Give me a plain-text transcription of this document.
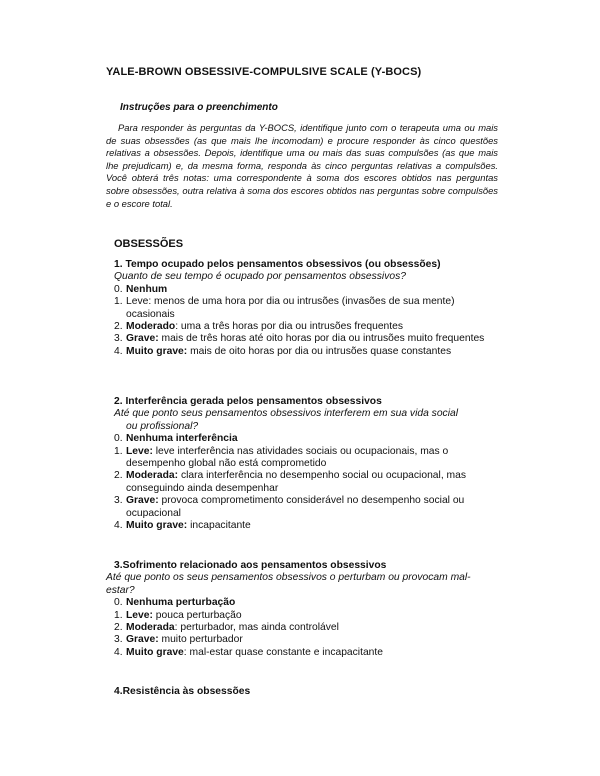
YALE-BROWN OBSESSIVE-COMPULSIVE SCALE (Y-BOCS)
Instruções para o preenchimento
Para responder às perguntas da Y-BOCS, identifique junto com o terapeuta uma ou mais de suas obsessões (as que mais lhe incomodam) e procure responder às cinco questões relativas a obsessões. Depois, identifique uma ou mais das suas compulsões (as que mais lhe prejudicam) e, da mesma forma, responda às cinco perguntas relativas a compulsões. Você obterá três notas: uma correspondente à soma dos escores obtidos nas perguntas sobre obsessões, outra relativa à soma dos escores obtidos nas perguntas sobre compulsões e o escore total.
OBSESSÕES
1. Tempo ocupado pelos pensamentos obsessivos (ou obsessões)
Quanto de seu tempo é ocupado por pensamentos obsessivos?
0. Nenhum
1. Leve: menos de uma hora por dia ou intrusões (invasões de sua mente) ocasionais
2. Moderado: uma a três horas por dia ou intrusões frequentes
3. Grave: mais de três horas até oito horas por dia ou intrusões muito frequentes
4. Muito grave: mais de oito horas por dia ou intrusões quase constantes
2. Interferência gerada pelos pensamentos obsessivos
Até que ponto seus pensamentos obsessivos interferem em sua vida social
ou profissional?
0. Nenhuma interferência
1. Leve: leve interferência nas atividades sociais ou ocupacionais, mas o desempenho global não está comprometido
2. Moderada: clara interferência no desempenho social ou ocupacional, mas conseguindo ainda desempenhar
3. Grave: provoca comprometimento considerável no desempenho social ou ocupacional
4. Muito grave: incapacitante
3.Sofrimento relacionado aos pensamentos obsessivos
Até que ponto os seus pensamentos obsessivos o perturbam ou provocam mal-estar?
0. Nenhuma perturbação
1. Leve: pouca perturbação
2. Moderada: perturbador, mas ainda controlável
3. Grave: muito perturbador
4. Muito grave: mal-estar quase constante e incapacitante
4.Resistência às obsessões
